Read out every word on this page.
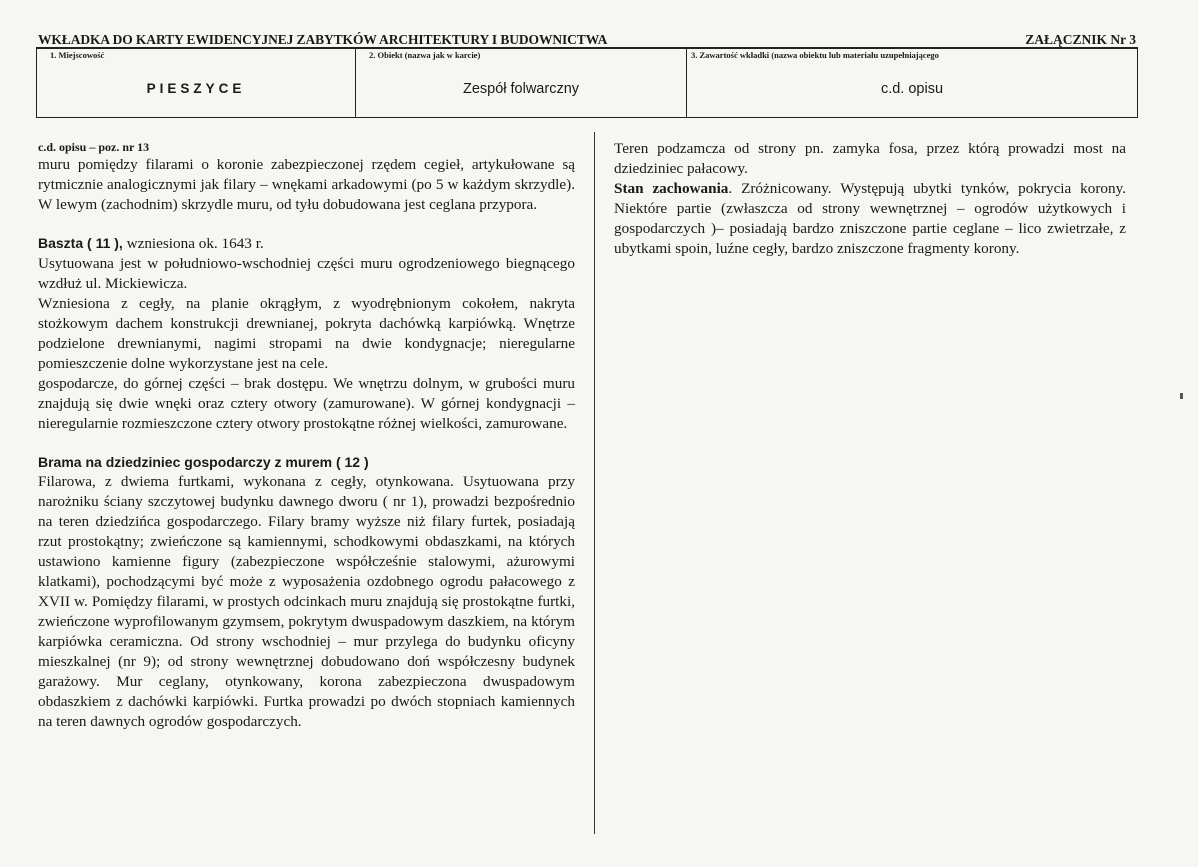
WKŁADKA DO KARTY EWIDENCYJNEJ ZABYTKÓW ARCHITEKTURY I BUDOWNICTWA	ZAŁĄCZNIK Nr 3
1. Miejscowość
PIESZYCE
2. Obiekt (nazwa jak w karcie)
Zespół folwarczny
3. Zawartość wkładki (nazwa obiektu lub materiału uzupełniającego
c.d. opisu

c.d. opisu – poz. nr 13

muru pomiędzy filarami o koronie zabezpieczonej rzędem cegieł, artykułowane są rytmicznie analogicznymi jak filary – wnękami arkadowymi (po 5 w każdym skrzydle). W lewym (zachodnim) skrzydle muru, od tyłu dobudowana jest ceglana przypora.

Baszta ( 11 ), wzniesiona ok. 1643 r.

Usytuowana jest w południowo-wschodniej części muru ogrodzeniowego biegnącego wzdłuż ul. Mickiewicza.

Wzniesiona z cegły, na planie okrągłym, z wyodrębnionym cokołem, nakryta stożkowym dachem konstrukcji drewnianej, pokryta dachówką karpiówką. Wnętrze podzielone drewnianymi, nagimi stropami na dwie kondygnacje; nieregularne pomieszczenie dolne wykorzystane jest na cele.

gospodarcze, do górnej części – brak dostępu. We wnętrzu dolnym, w grubości muru znajdują się dwie wnęki oraz cztery otwory (zamurowane). W górnej kondygnacji – nieregularnie rozmieszczone cztery otwory prostokątne różnej wielkości, zamurowane.

Brama na dziedziniec gospodarczy z murem ( 12 )

Filarowa, z dwiema furtkami, wykonana z cegły, otynkowana. Usytuowana przy narożniku ściany szczytowej budynku dawnego dworu ( nr 1), prowadzi bezpośrednio na teren dziedzińca gospodarczego. Filary bramy wyższe niż filary furtek, posiadają rzut prostokątny; zwieńczone są kamiennymi, schodkowymi obdaszkami, na których ustawiono kamienne figury (zabezpieczone współcześnie stalowymi, ażurowymi klatkami), pochodzącymi być może z wyposażenia ozdobnego ogrodu pałacowego z XVII w. Pomiędzy filarami, w prostych odcinkach muru znajdują się prostokątne furtki, zwieńczone wyprofilowanym gzymsem, pokrytym dwuspadowym daszkiem, na którym karpiówka ceramiczna. Od strony wschodniej – mur przylega do budynku oficyny mieszkalnej (nr 9); od strony wewnętrznej dobudowano doń współczesny budynek garażowy. Mur ceglany, otynkowany, korona zabezpieczona dwuspadowym obdaszkiem z dachówki karpiówki. Furtka prowadzi po dwóch stopniach kamiennych na teren dawnych ogrodów gospodarczych.

Teren podzamcza od strony pn. zamyka fosa, przez którą prowadzi most na dziedziniec pałacowy.

Stan zachowania. Zróżnicowany. Występują ubytki tynków, pokrycia korony. Niektóre partie (zwłaszcza od strony wewnętrznej – ogrodów użytkowych i gospodarczych )– posiadają bardzo zniszczone partie ceglane – lico zwietrzałe, z ubytkami spoin, luźne cegły, bardzo zniszczone fragmenty korony.
